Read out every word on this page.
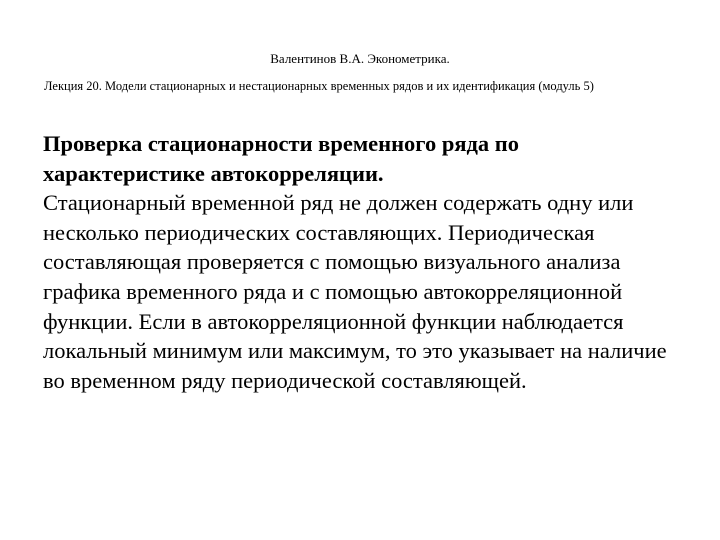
Валентинов В.А. Эконометрика.
Лекция 20. Модели стационарных и нестационарных временных рядов и их идентификация (модуль 5)
Проверка стационарности временного ряда по характеристике автокорреляции.
Стационарный временной ряд не должен содержать одну или несколько периодических составляющих. Периодическая составляющая проверяется с помощью визуального анализа графика временного ряда и с помощью автокорреляционной функции. Если в автокорреляционной функции наблюдается локальный минимум или максимум, то это указывает на наличие во временном ряду периодической составляющей.
